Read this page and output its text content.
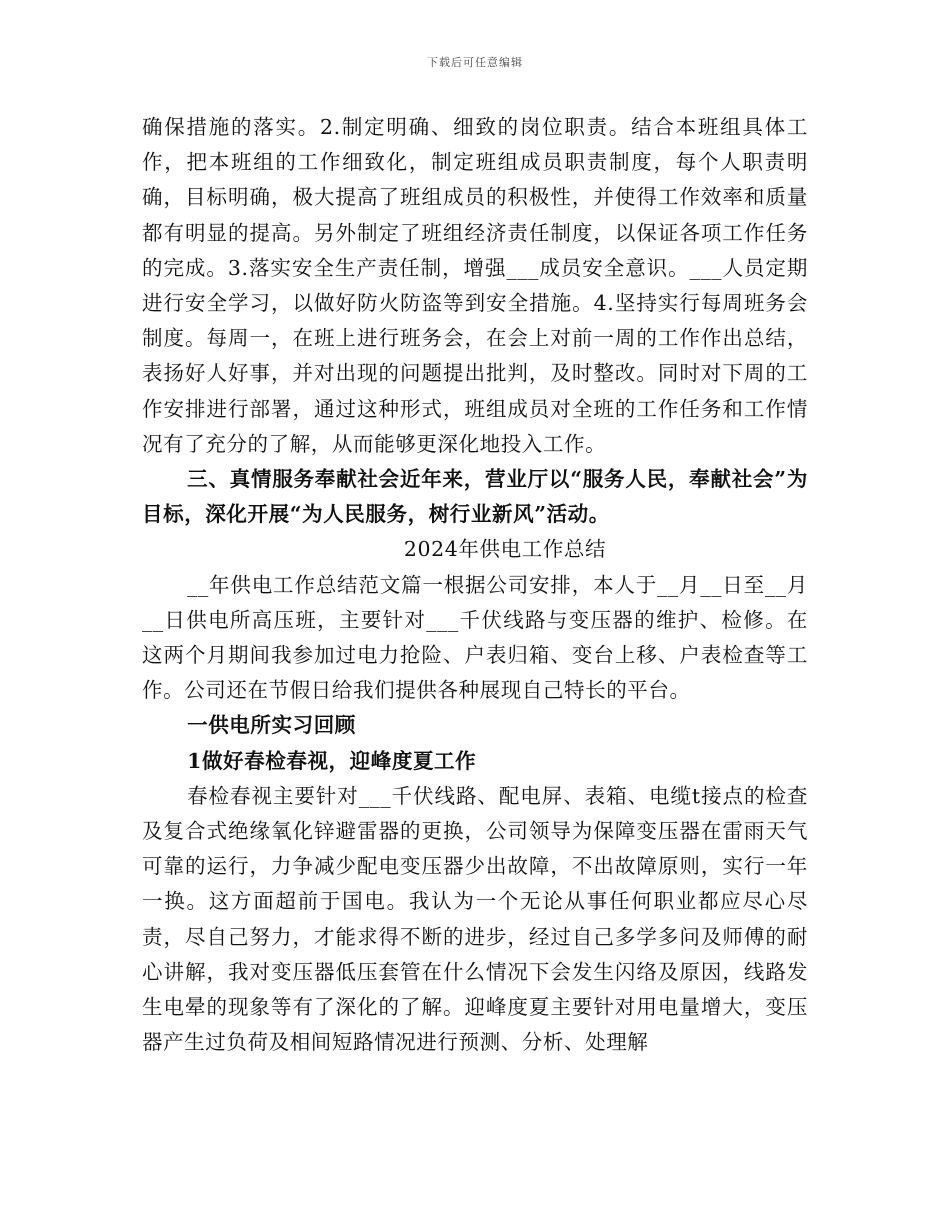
下载后可任意编辑

确保措施的落实。2.制定明确、细致的岗位职责。结合本班组具体工作，把本班组的工作细致化，制定班组成员职责制度，每个人职责明确，目标明确，极大提高了班组成员的积极性，并使得工作效率和质量都有明显的提高。另外制定了班组经济责任制度，以保证各项工作任务的完成。3.落实安全生产责任制，增强___成员安全意识。___人员定期进行安全学习，以做好防火防盗等到安全措施。4.坚持实行每周班务会制度。每周一，在班上进行班务会，在会上对前一周的工作作出总结，表扬好人好事，并对出现的问题提出批判，及时整改。同时对下周的工作安排进行部署，通过这种形式，班组成员对全班的工作任务和工作情况有了充分的了解，从而能够更深化地投入工作。

三、真情服务奉献社会近年来，营业厅以“服务人民，奉献社会”为目标，深化开展“为人民服务，树行业新风”活动。

2024年供电工作总结

__年供电工作总结范文篇一根据公司安排，本人于__月__日至__月__日供电所高压班，主要针对___千伏线路与变压器的维护、检修。在这两个月期间我参加过电力抢险、户表归箱、变台上移、户表检查等工作。公司还在节假日给我们提供各种展现自己特长的平台。

一供电所实习回顾

1做好春检春视，迎峰度夏工作

春检春视主要针对___千伏线路、配电屏、表箱、电缆t接点的检查及复合式绝缘氧化锌避雷器的更换，公司领导为保障变压器在雷雨天气可靠的运行，力争减少配电变压器少出故障，不出故障原则，实行一年一换。这方面超前于国电。我认为一个无论从事任何职业都应尽心尽责，尽自己努力，才能求得不断的进步，经过自己多学多问及师傅的耐心讲解，我对变压器低压套管在什么情况下会发生闪络及原因，线路发生电晕的现象等有了深化的了解。迎峰度夏主要针对用电量增大，变压器产生过负荷及相间短路情况进行预测、分析、处理解
